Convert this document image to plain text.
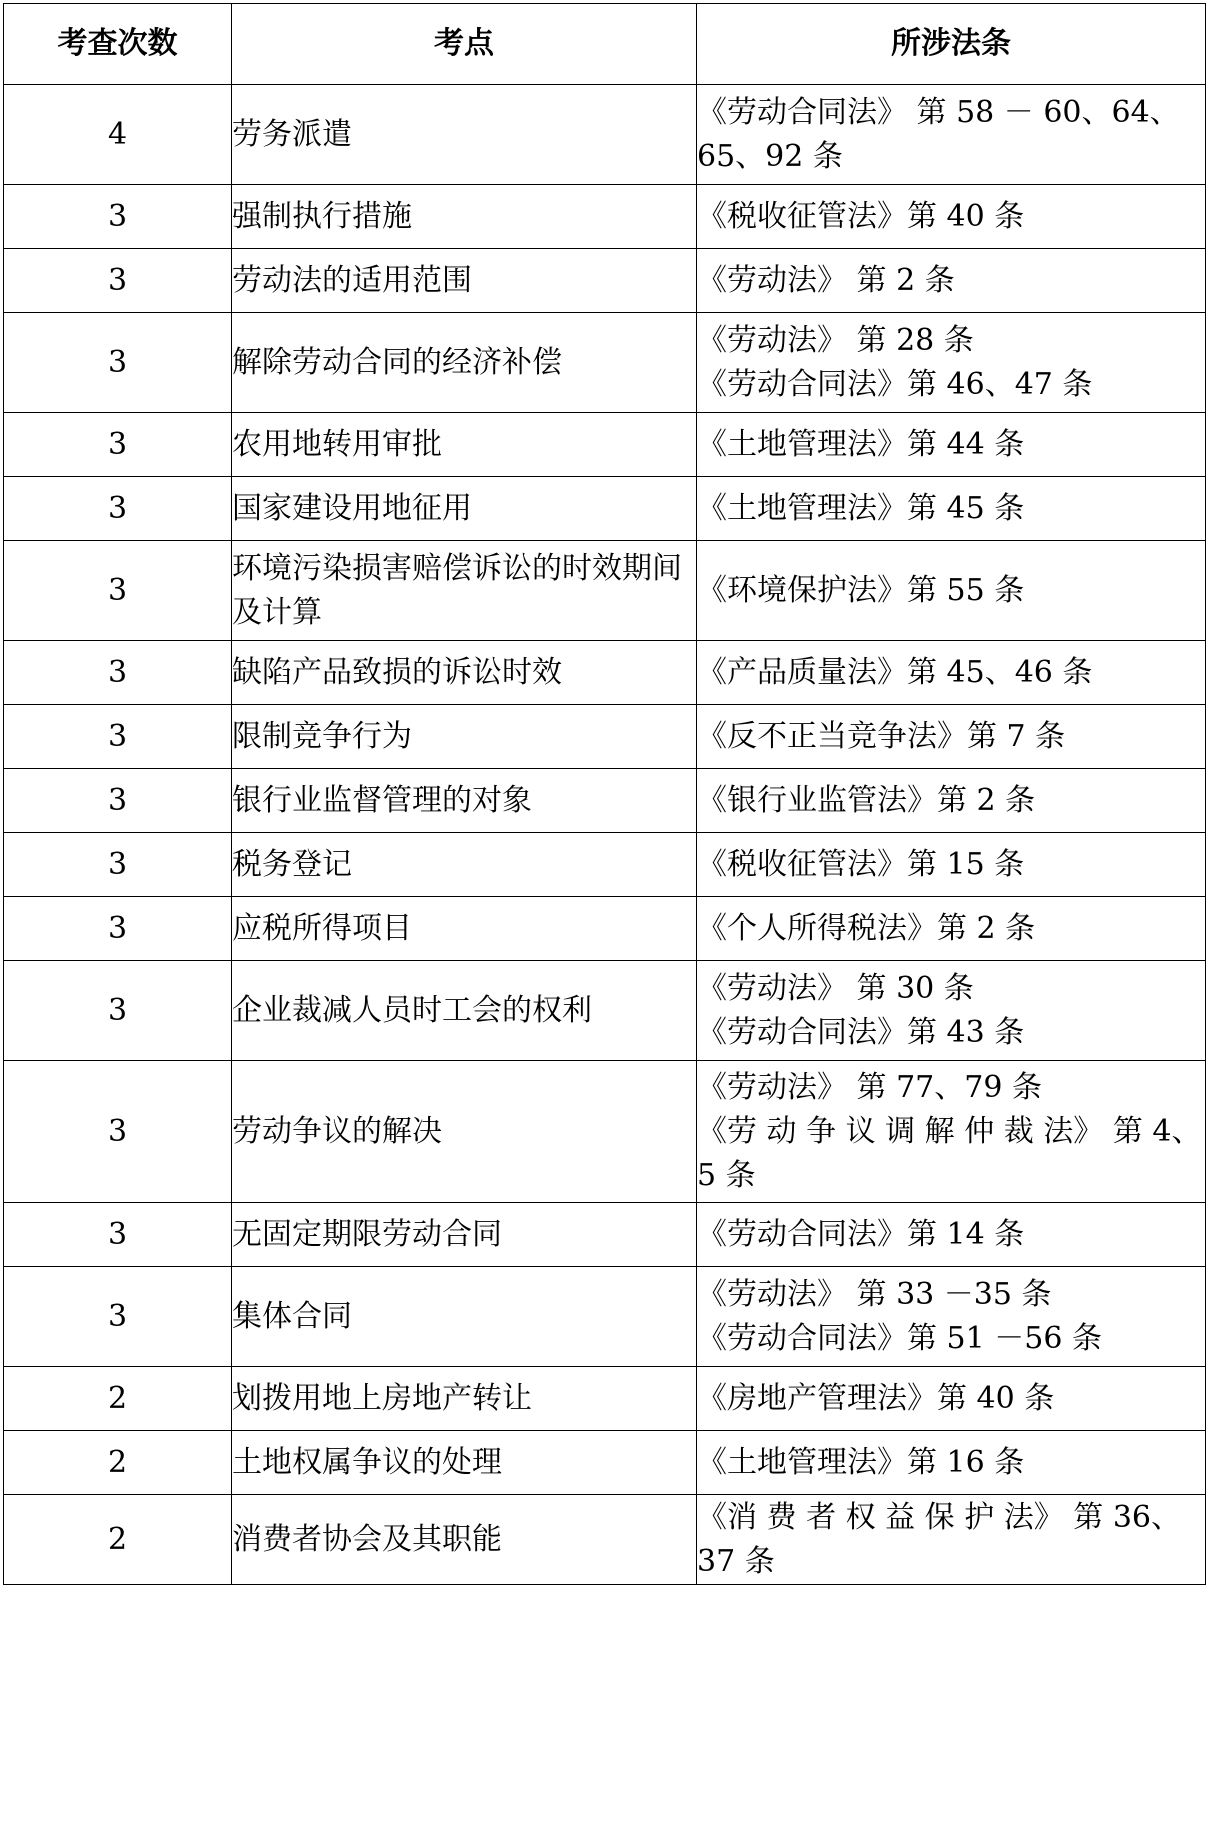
考查次数	考点	所涉法条
4	劳务派遣	《劳动合同法》 第 58 － 60、64、
65、92 条

3	强制执行措施	《税收征管法》第 40 条

3	劳动法的适用范围	《劳动法》 第 2 条

3	解除劳动合同的经济补偿	《劳动法》 第 28 条
《劳动合同法》第 46、47 条

3	农用地转用审批	《土地管理法》第 44 条

3	国家建设用地征用	《土地管理法》第 45 条

3	环境污染损害赔偿诉讼的时效期间及计算	《环境保护法》第 55 条

3	缺陷产品致损的诉讼时效	《产品质量法》第 45、46 条

3	限制竞争行为	《反不正当竞争法》第 7 条

3	银行业监督管理的对象	《银行业监管法》第 2 条

3	税务登记	《税收征管法》第 15 条

3	应税所得项目	《个人所得税法》第 2 条

3	企业裁减人员时工会的权利	《劳动法》 第 30 条
《劳动合同法》第 43 条

3	劳动争议的解决	《劳动法》 第 77、79 条
《劳 动 争 议 调 解 仲 裁 法》 第 4、
5 条

3	无固定期限劳动合同	《劳动合同法》第 14 条

3	集体合同	《劳动法》 第 33 －35 条
《劳动合同法》第 51 －56 条

2	划拨用地上房地产转让	《房地产管理法》第 40 条

2	土地权属争议的处理	《土地管理法》第 16 条

2	消费者协会及其职能	《消 费 者 权 益 保 护 法》 第 36、
37 条
